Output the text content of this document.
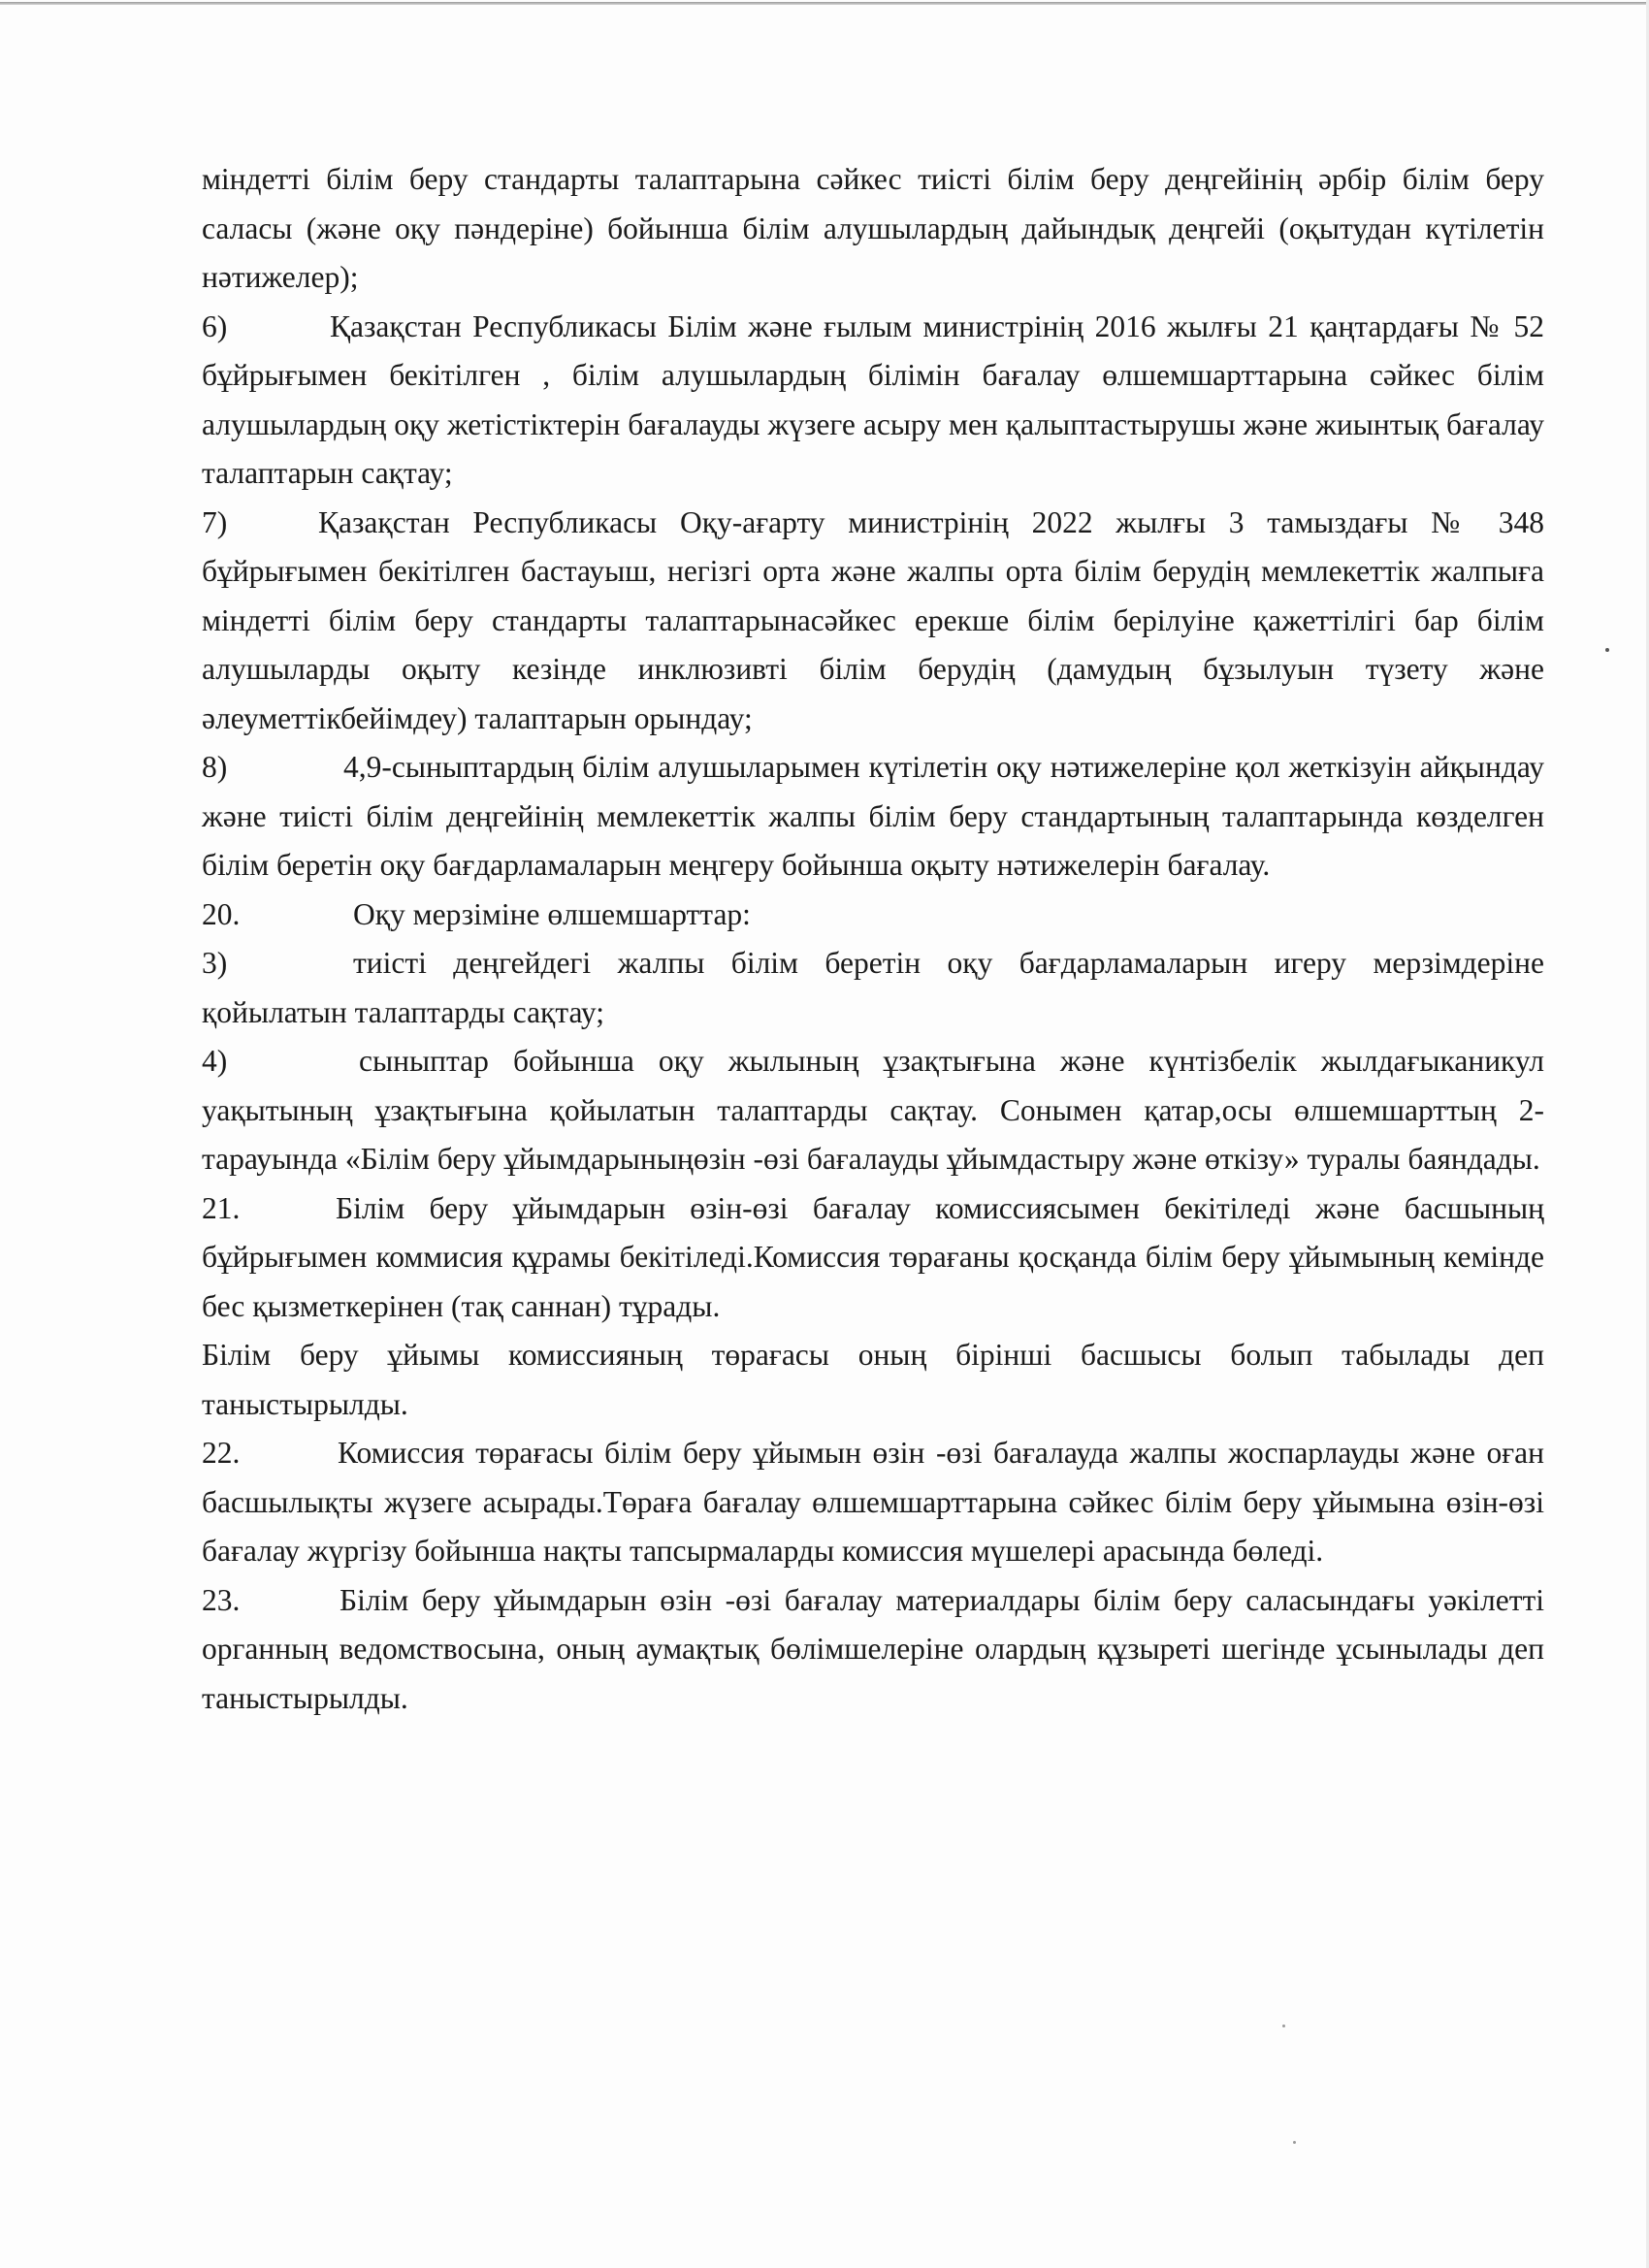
міндетті білім беру стандарты талаптарына сәйкес тиісті білім беру деңгейінің әрбір білім беру саласы (және оқу пәндеріне) бойынша білім алушылардың дайындық деңгейі (оқытудан күтілетін нәтижелер);

6)	Қазақстан Республикасы Білім және ғылым министрінің 2016 жылғы 21 қаңтардағы № 52 бұйрығымен бекітілген , білім алушылардың білімін бағалау өлшемшарттарына сәйкес білім алушылардың оқу жетістіктерін бағалауды жүзеге асыру мен қалыптастырушы және жиынтық бағалау талаптарын сақтау;

7)	Қазақстан Республикасы Оқу-ағарту министрінің 2022 жылғы 3 тамыздағы № 348 бұйрығымен бекітілген бастауыш, негізгі орта және жалпы орта білім берудің мемлекеттік жалпыға міндетті білім беру стандарты талаптарынасәйкес ерекше білім берілуіне қажеттілігі бар білім алушыларды оқыту кезінде инклюзивті білім берудің (дамудың бұзылуын түзету және әлеуметтікбейімдеу) талаптарын орындау;

8)	4,9-сыныптардың білім алушыларымен күтілетін оқу нәтижелеріне қол жеткізуін айқындау және тиісті білім деңгейінің мемлекеттік жалпы білім беру стандартының талаптарында көзделген білім беретін оқу бағдарламаларын меңгеру бойынша оқыту нәтижелерін бағалау.

20.	Оқу мерзіміне өлшемшарттар:

3)	тиісті деңгейдегі жалпы білім беретін оқу бағдарламаларын игеру мерзімдеріне қойылатын талаптарды сақтау;

4)	сыныптар бойынша оқу жылының ұзақтығына және күнтізбелік жылдағыканикул уақытының ұзақтығына қойылатын талаптарды сақтау. Сонымен қатар,осы өлшемшарттың 2-тарауында «Білім беру ұйымдарыныңөзін -өзі бағалауды ұйымдастыру және өткізу» туралы баяндады.

21.	Білім беру ұйымдарын өзін-өзі бағалау комиссиясымен бекітіледі және басшының бұйрығымен коммисия құрамы бекітіледі.Комиссия төрағаны қосқанда білім беру ұйымының кемінде бес қызметкерінен (тақ саннан) тұрады.

Білім беру ұйымы комиссияның төрағасы оның бірінші басшысы болып табылады деп таныстырылды.

22.	Комиссия төрағасы білім беру ұйымын өзін -өзі бағалауда жалпы жоспарлауды және оған басшылықты жүзеге асырады.Төраға бағалау өлшемшарттарына сәйкес білім беру ұйымына өзін-өзі бағалау жүргізу бойынша нақты тапсырмаларды комиссия мүшелері арасында бөледі.

23.	Білім беру ұйымдарын өзін -өзі бағалау материалдары білім беру саласындағы уәкілетті органның ведомствосына, оның аумақтық бөлімшелеріне олардың құзыреті шегінде ұсынылады деп таныстырылды.
